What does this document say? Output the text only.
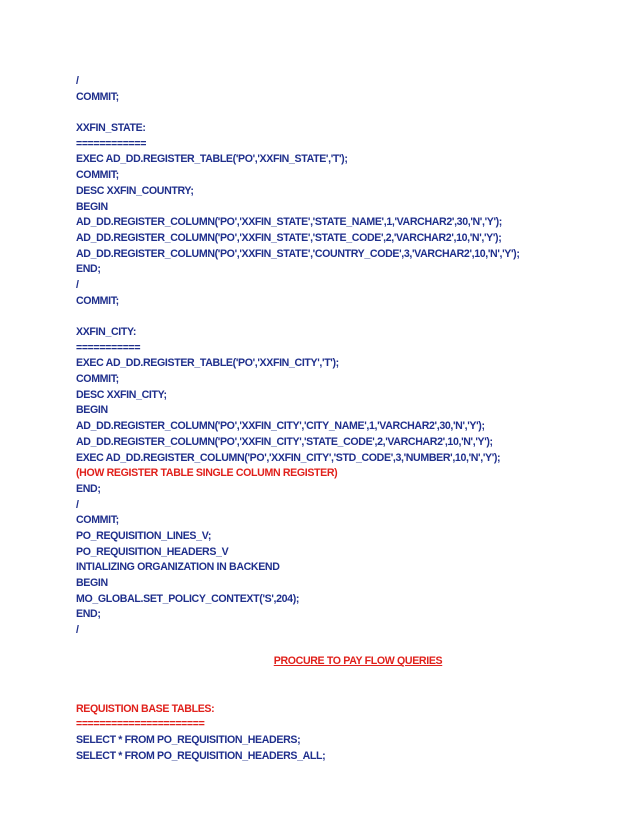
/
COMMIT;
XXFIN_STATE:
============
EXEC AD_DD.REGISTER_TABLE('PO','XXFIN_STATE','T');
COMMIT;
DESC XXFIN_COUNTRY;
BEGIN
AD_DD.REGISTER_COLUMN('PO','XXFIN_STATE','STATE_NAME',1,'VARCHAR2',30,'N','Y');
AD_DD.REGISTER_COLUMN('PO','XXFIN_STATE','STATE_CODE',2,'VARCHAR2',10,'N','Y');
AD_DD.REGISTER_COLUMN('PO','XXFIN_STATE','COUNTRY_CODE',3,'VARCHAR2',10,'N','Y');
END;
/
COMMIT;
XXFIN_CITY:
===========
EXEC AD_DD.REGISTER_TABLE('PO','XXFIN_CITY','T');
COMMIT;
DESC XXFIN_CITY;
BEGIN
AD_DD.REGISTER_COLUMN('PO','XXFIN_CITY','CITY_NAME',1,'VARCHAR2',30,'N','Y');
AD_DD.REGISTER_COLUMN('PO','XXFIN_CITY','STATE_CODE',2,'VARCHAR2',10,'N','Y');
EXEC AD_DD.REGISTER_COLUMN('PO','XXFIN_CITY','STD_CODE',3,'NUMBER',10,'N','Y');
(HOW REGISTER TABLE SINGLE COLUMN REGISTER)
END;
/
COMMIT;
PO_REQUISITION_LINES_V;
PO_REQUISITION_HEADERS_V
INTIALIZING ORGANIZATION IN BACKEND
BEGIN
MO_GLOBAL.SET_POLICY_CONTEXT('S',204);
END;
/
PROCURE TO PAY FLOW QUERIES
REQUISTION BASE TABLES:
======================
SELECT * FROM PO_REQUISITION_HEADERS;
SELECT * FROM PO_REQUISITION_HEADERS_ALL;
